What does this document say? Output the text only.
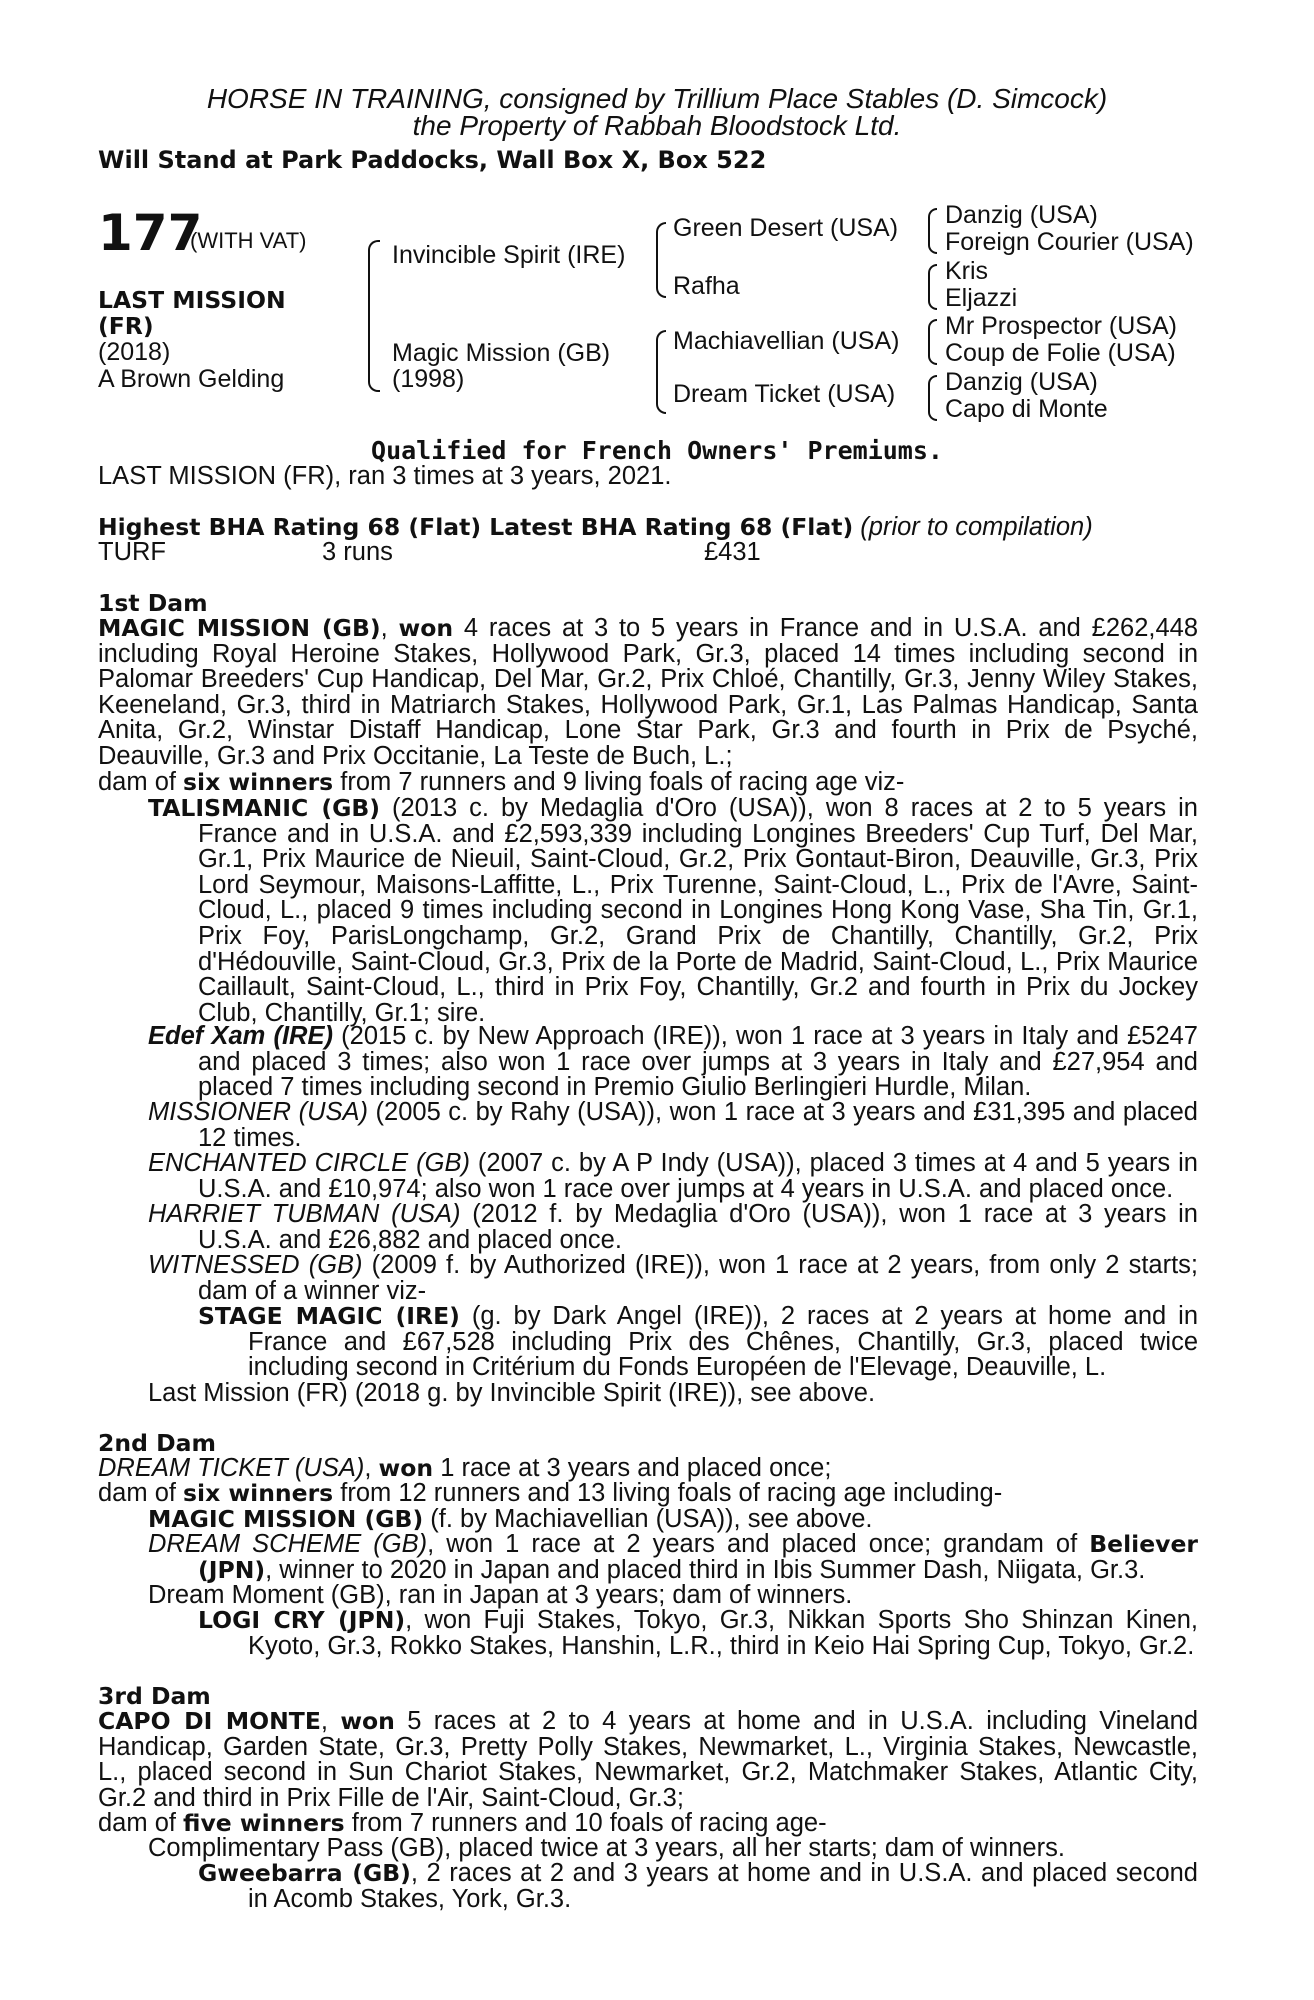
HORSE IN TRAINING, consigned by Trillium Place Stables (D. Simcock)
the Property of Rabbah Bloodstock Ltd.
Will Stand at Park Paddocks, Wall Box X, Box 522
177
(WITH VAT)
LAST MISSION
(FR)
(2018)
A Brown Gelding
Invincible Spirit (IRE)
Magic Mission (GB)
(1998)
Green Desert (USA)
Rafha
Machiavellian (USA)
Dream Ticket (USA)
Danzig (USA)
Foreign Courier (USA)
Kris
Eljazzi
Mr Prospector (USA)
Coup de Folie (USA)
Danzig (USA)
Capo di Monte
Qualified for French Owners' Premiums.
LAST MISSION (FR), ran 3 times at 3 years, 2021.
Highest BHA Rating 68 (Flat) Latest BHA Rating 68 (Flat) (prior to compilation)
TURF	3 runs	£431
1st Dam
MAGIC MISSION (GB), won 4 races at 3 to 5 years in France and in U.S.A. and £262,448 including Royal Heroine Stakes, Hollywood Park, Gr.3, placed 14 times including second in Palomar Breeders' Cup Handicap, Del Mar, Gr.2, Prix Chloé, Chantilly, Gr.3, Jenny Wiley Stakes, Keeneland, Gr.3, third in Matriarch Stakes, Hollywood Park, Gr.1, Las Palmas Handicap, Santa Anita, Gr.2, Winstar Distaff Handicap, Lone Star Park, Gr.3 and fourth in Prix de Psyché, Deauville, Gr.3 and Prix Occitanie, La Teste de Buch, L.;
dam of six winners from 7 runners and 9 living foals of racing age viz-
TALISMANIC (GB) (2013 c. by Medaglia d'Oro (USA)), won 8 races at 2 to 5 years in France and in U.S.A. and £2,593,339 including Longines Breeders' Cup Turf, Del Mar, Gr.1, Prix Maurice de Nieuil, Saint-Cloud, Gr.2, Prix Gontaut-Biron, Deauville, Gr.3, Prix Lord Seymour, Maisons-Laffitte, L., Prix Turenne, Saint-Cloud, L., Prix de l'Avre, Saint-Cloud, L., placed 9 times including second in Longines Hong Kong Vase, Sha Tin, Gr.1, Prix Foy, ParisLongchamp, Gr.2, Grand Prix de Chantilly, Chantilly, Gr.2, Prix d'Hédouville, Saint-Cloud, Gr.3, Prix de la Porte de Madrid, Saint-Cloud, L., Prix Maurice Caillault, Saint-Cloud, L., third in Prix Foy, Chantilly, Gr.2 and fourth in Prix du Jockey Club, Chantilly, Gr.1; sire.
Edef Xam (IRE) (2015 c. by New Approach (IRE)), won 1 race at 3 years in Italy and £5247 and placed 3 times; also won 1 race over jumps at 3 years in Italy and £27,954 and placed 7 times including second in Premio Giulio Berlingieri Hurdle, Milan.
MISSIONER (USA) (2005 c. by Rahy (USA)), won 1 race at 3 years and £31,395 and placed 12 times.
ENCHANTED CIRCLE (GB) (2007 c. by A P Indy (USA)), placed 3 times at 4 and 5 years in U.S.A. and £10,974; also won 1 race over jumps at 4 years in U.S.A. and placed once.
HARRIET TUBMAN (USA) (2012 f. by Medaglia d'Oro (USA)), won 1 race at 3 years in U.S.A. and £26,882 and placed once.
WITNESSED (GB) (2009 f. by Authorized (IRE)), won 1 race at 2 years, from only 2 starts; dam of a winner viz-
STAGE MAGIC (IRE) (g. by Dark Angel (IRE)), 2 races at 2 years at home and in France and £67,528 including Prix des Chênes, Chantilly, Gr.3, placed twice including second in Critérium du Fonds Européen de l'Elevage, Deauville, L.
Last Mission (FR) (2018 g. by Invincible Spirit (IRE)), see above.
2nd Dam
DREAM TICKET (USA), won 1 race at 3 years and placed once;
dam of six winners from 12 runners and 13 living foals of racing age including-
MAGIC MISSION (GB) (f. by Machiavellian (USA)), see above.
DREAM SCHEME (GB), won 1 race at 2 years and placed once; grandam of Believer (JPN), winner to 2020 in Japan and placed third in Ibis Summer Dash, Niigata, Gr.3.
Dream Moment (GB), ran in Japan at 3 years; dam of winners.
LOGI CRY (JPN), won Fuji Stakes, Tokyo, Gr.3, Nikkan Sports Sho Shinzan Kinen, Kyoto, Gr.3, Rokko Stakes, Hanshin, L.R., third in Keio Hai Spring Cup, Tokyo, Gr.2.
3rd Dam
CAPO DI MONTE, won 5 races at 2 to 4 years at home and in U.S.A. including Vineland Handicap, Garden State, Gr.3, Pretty Polly Stakes, Newmarket, L., Virginia Stakes, Newcastle, L., placed second in Sun Chariot Stakes, Newmarket, Gr.2, Matchmaker Stakes, Atlantic City, Gr.2 and third in Prix Fille de l'Air, Saint-Cloud, Gr.3;
dam of five winners from 7 runners and 10 foals of racing age-
Complimentary Pass (GB), placed twice at 3 years, all her starts; dam of winners.
Gweebarra (GB), 2 races at 2 and 3 years at home and in U.S.A. and placed second in Acomb Stakes, York, Gr.3.
